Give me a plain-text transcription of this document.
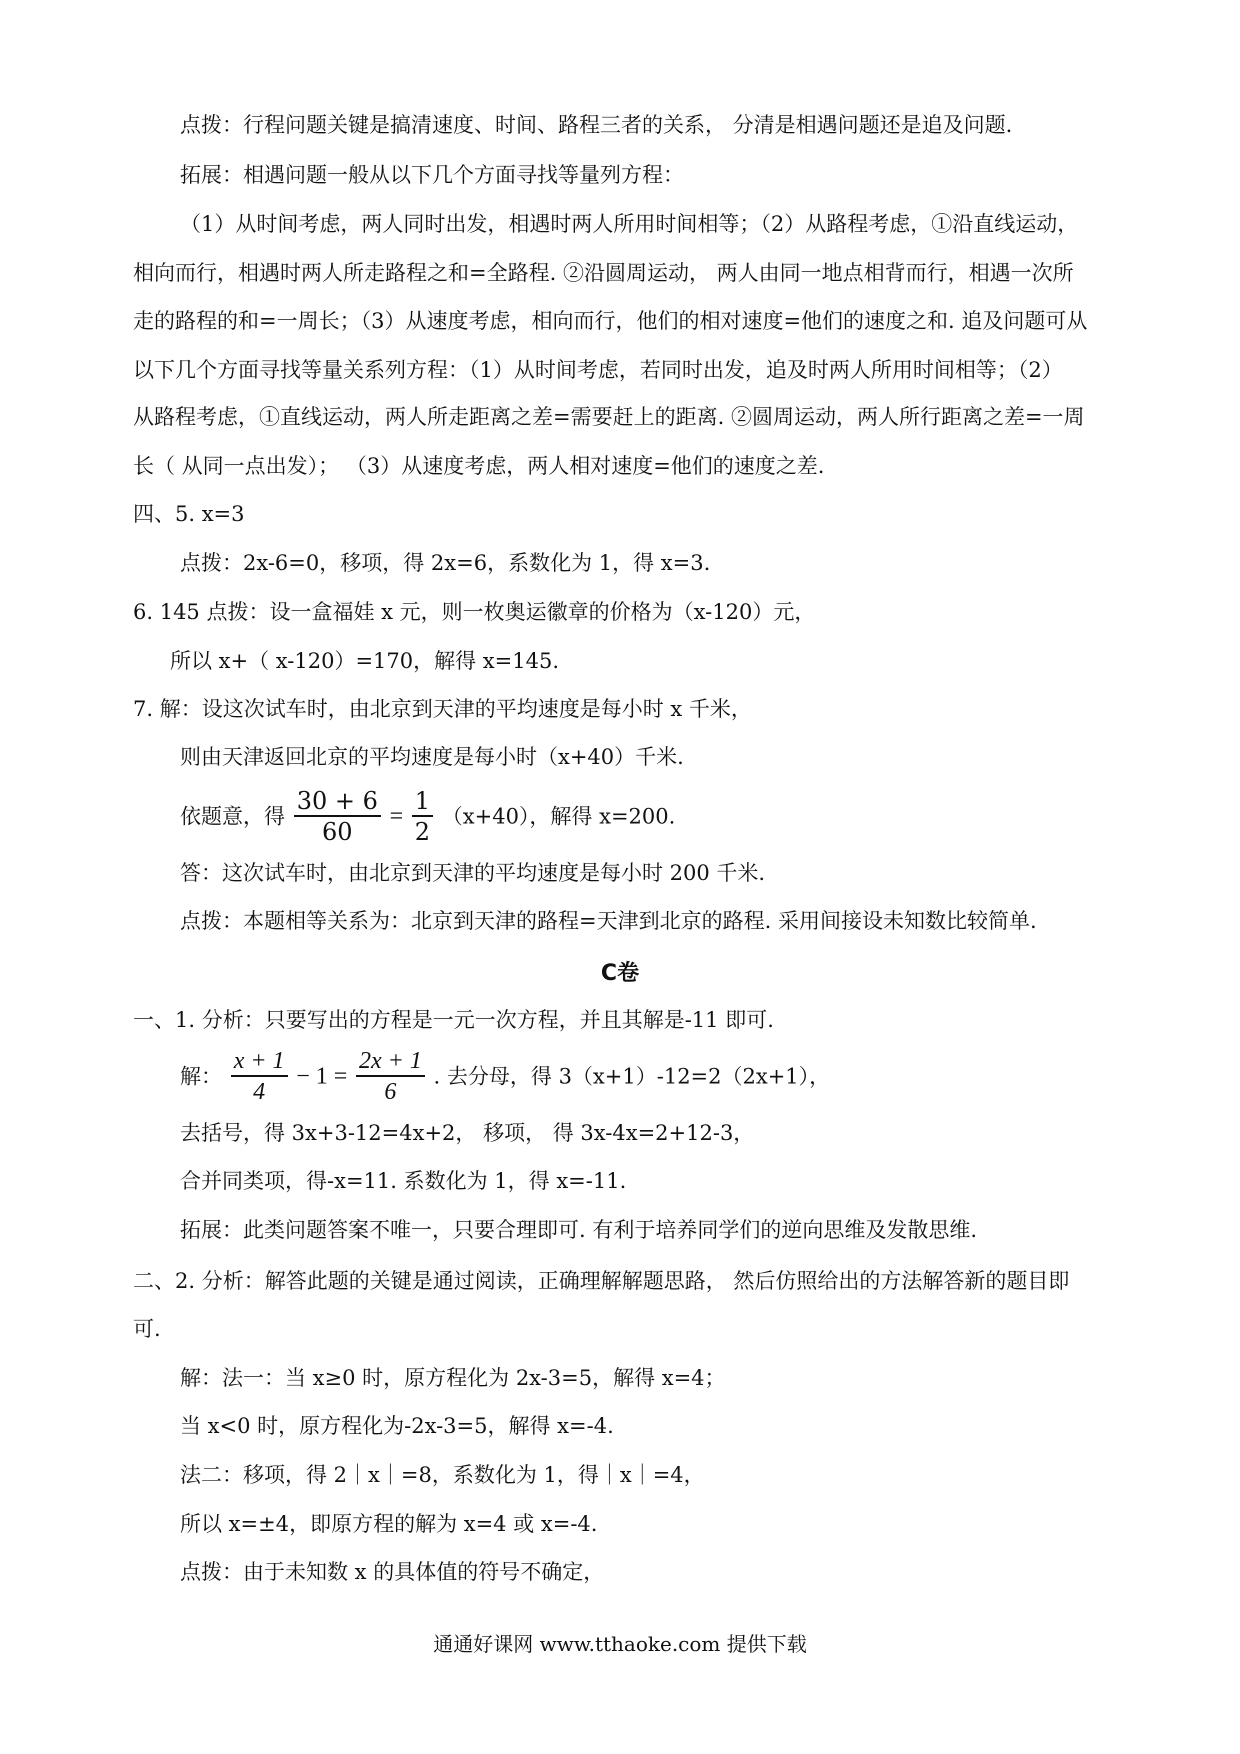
点拨：行程问题关键是搞清速度、时间、路程三者的关系， 分清是相遇问题还是追及问题.
拓展：相遇问题一般从以下几个方面寻找等量列方程：
（1）从时间考虑，两人同时出发，相遇时两人所用时间相等；（2）从路程考虑，①沿直线运动，
相向而行，相遇时两人所走路程之和=全路程. ②沿圆周运动， 两人由同一地点相背而行，相遇一次所
走的路程的和=一周长；（3）从速度考虑，相向而行，他们的相对速度=他们的速度之和. 追及问题可从
以下几个方面寻找等量关系列方程：（1）从时间考虑，若同时出发，追及时两人所用时间相等；（2）
从路程考虑，①直线运动，两人所走距离之差=需要赶上的距离. ②圆周运动，两人所行距离之差=一周
长（ 从同一点出发）； （3）从速度考虑，两人相对速度=他们的速度之差.
四、5. x=3
点拨：2x-6=0，移项，得 2x=6，系数化为 1，得 x=3.
6. 145 点拨：设一盒福娃 x 元，则一枚奥运徽章的价格为（x-120）元，
所以 x+（ x-120）=170，解得 x=145.
7. 解：设这次试车时，由北京到天津的平均速度是每小时 x 千米，
则由天津返回北京的平均速度是每小时（x+40）千米.
依题意，得 $\frac{30 + 6}{60} = \frac{1}{2} (x+40)$，解得 x=200.
答：这次试车时，由北京到天津的平均速度是每小时 200 千米.
点拨：本题相等关系为：北京到天津的路程=天津到北京的路程. 采用间接设未知数比较简单.
C卷
一、1. 分析：只要写出的方程是一元一次方程，并且其解是-11 即可.
解： $\frac{x + 1}{4} - 1 = \frac{2x + 1}{6}$ . 去分母，得 3（x+1）-12=2（2x+1），
去括号，得 3x+3-12=4x+2， 移项， 得 3x-4x=2+12-3，
合并同类项，得-x=11. 系数化为 1，得 x=-11.
拓展：此类问题答案不唯一，只要合理即可. 有利于培养同学们的逆向思维及发散思维.
二、2. 分析：解答此题的关键是通过阅读，正确理解解题思路， 然后仿照给出的方法解答新的题目即
可.
解：法一：当 x≥0 时，原方程化为 2x-3=5，解得 x=4；
当 x<0 时，原方程化为-2x-3=5，解得 x=-4.
法二：移项，得 2｜x｜=8，系数化为 1，得｜x｜=4，
所以 x=±4，即原方程的解为 x=4 或 x=-4.
点拨：由于未知数 x 的具体值的符号不确定，
通通好课网 www.tthaoke.com 提供下载
